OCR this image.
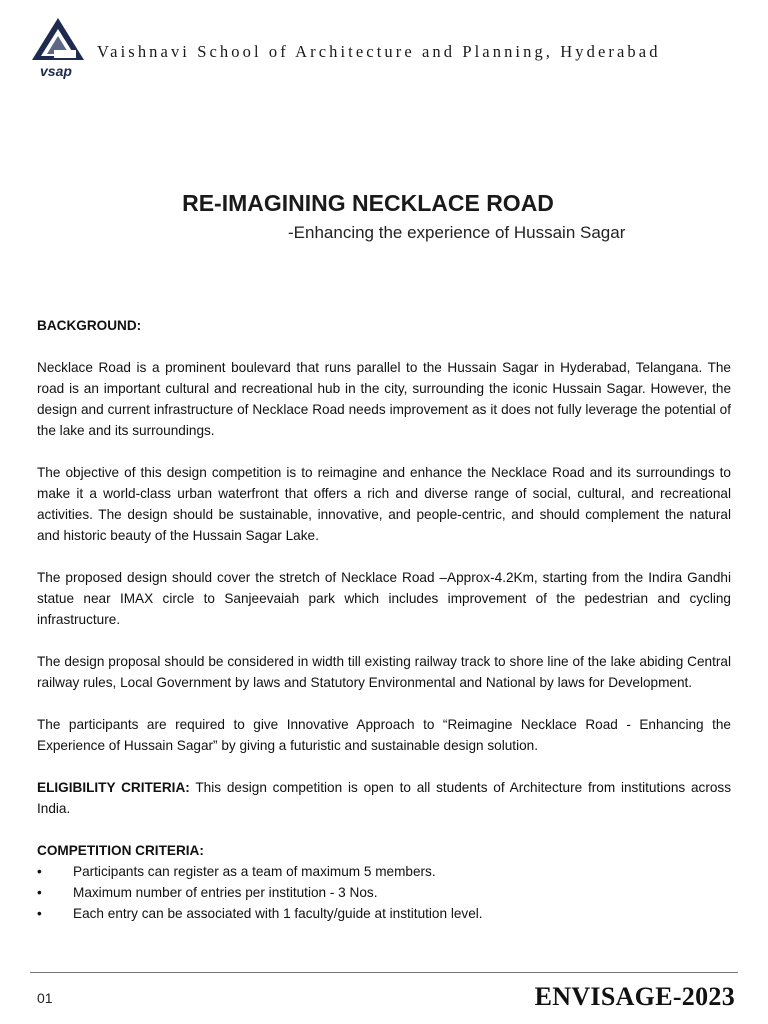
vsap
Vaishnavi School of Architecture and Planning, Hyderabad
RE-IMAGINING NECKLACE ROAD
-Enhancing the experience of Hussain Sagar

BACKGROUND:

Necklace Road is a prominent boulevard that runs parallel to the Hussain Sagar in Hyderabad, Telangana. The road is an important cultural and recreational hub in the city, surrounding the iconic Hussain Sagar. However, the design and current infrastructure of Necklace Road needs improvement as it does not fully leverage the potential of the lake and its surroundings.

The objective of this design competition is to reimagine and enhance the Necklace Road and its surroundings to make it a world-class urban waterfront that offers a rich and diverse range of social, cultural, and recreational activities. The design should be sustainable, innovative, and people-centric, and should complement the natural and historic beauty of the Hussain Sagar Lake.

The proposed design should cover the stretch of Necklace Road –Approx-4.2Km, starting from the Indira Gandhi statue near IMAX circle to Sanjeevaiah park which includes improvement of the pedestrian and cycling infrastructure.

The design proposal should be considered in width till existing railway track to shore line of the lake abiding Central railway rules, Local Government by laws and Statutory Environmental and National by laws for Development.

The participants are required to give Innovative Approach to “Reimagine Necklace Road - Enhancing the Experience of Hussain Sagar” by giving a futuristic and sustainable design solution.

ELIGIBILITY CRITERIA: This design competition is open to all students of Architecture from institutions across India.

COMPETITION CRITERIA:

• Participants can register as a team of maximum 5 members.
• Maximum number of entries per institution - 3 Nos.
• Each entry can be associated with 1 faculty/guide at institution level.
01	ENVISAGE-2023
